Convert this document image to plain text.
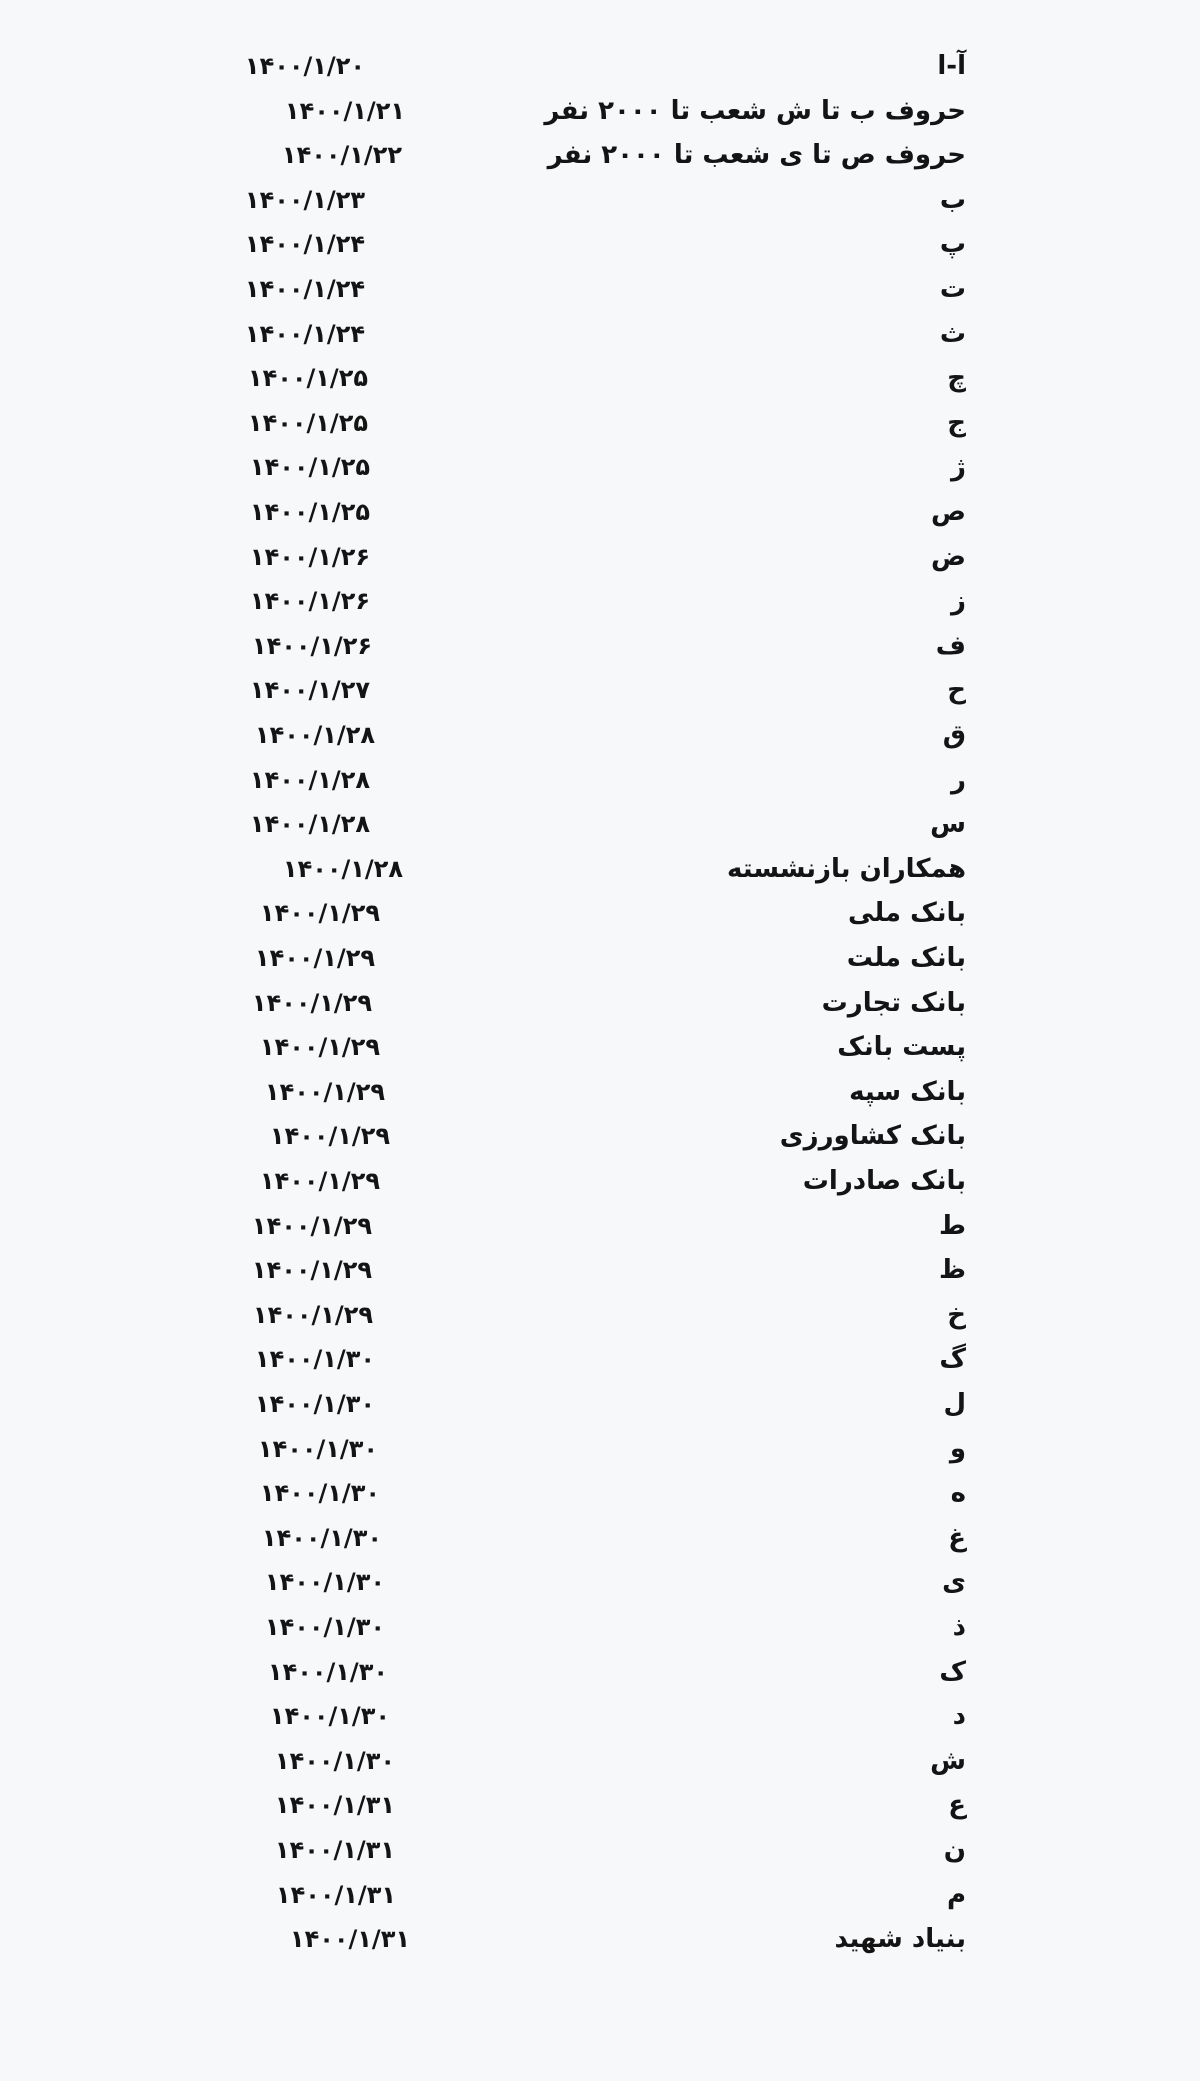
آ-ا
۱۴۰۰/۱/۲۰
حروف ب تا ش شعب تا ۲۰۰۰ نفر
۱۴۰۰/۱/۲۱
حروف ص تا ی شعب تا ۲۰۰۰ نفر
۱۴۰۰/۱/۲۲
ب
۱۴۰۰/۱/۲۳
پ
۱۴۰۰/۱/۲۴
ت
۱۴۰۰/۱/۲۴
ث
۱۴۰۰/۱/۲۴
چ
۱۴۰۰/۱/۲۵
ج
۱۴۰۰/۱/۲۵
ژ
۱۴۰۰/۱/۲۵
ص
۱۴۰۰/۱/۲۵
ض
۱۴۰۰/۱/۲۶
ز
۱۴۰۰/۱/۲۶
ف
۱۴۰۰/۱/۲۶
ح
۱۴۰۰/۱/۲۷
ق
۱۴۰۰/۱/۲۸
ر
۱۴۰۰/۱/۲۸
س
۱۴۰۰/۱/۲۸
همکاران بازنشسته
۱۴۰۰/۱/۲۸
بانک ملی
۱۴۰۰/۱/۲۹
بانک ملت
۱۴۰۰/۱/۲۹
بانک تجارت
۱۴۰۰/۱/۲۹
پست بانک
۱۴۰۰/۱/۲۹
بانک سپه
۱۴۰۰/۱/۲۹
بانک کشاورزی
۱۴۰۰/۱/۲۹
بانک صادرات
۱۴۰۰/۱/۲۹
ط
۱۴۰۰/۱/۲۹
ظ
۱۴۰۰/۱/۲۹
خ
۱۴۰۰/۱/۲۹
گ
۱۴۰۰/۱/۳۰
ل
۱۴۰۰/۱/۳۰
و
۱۴۰۰/۱/۳۰
ه
۱۴۰۰/۱/۳۰
غ
۱۴۰۰/۱/۳۰
ی
۱۴۰۰/۱/۳۰
ذ
۱۴۰۰/۱/۳۰
ک
۱۴۰۰/۱/۳۰
د
۱۴۰۰/۱/۳۰
ش
۱۴۰۰/۱/۳۰
ع
۱۴۰۰/۱/۳۱
ن
۱۴۰۰/۱/۳۱
م
۱۴۰۰/۱/۳۱
بنیاد شهید
۱۴۰۰/۱/۳۱
